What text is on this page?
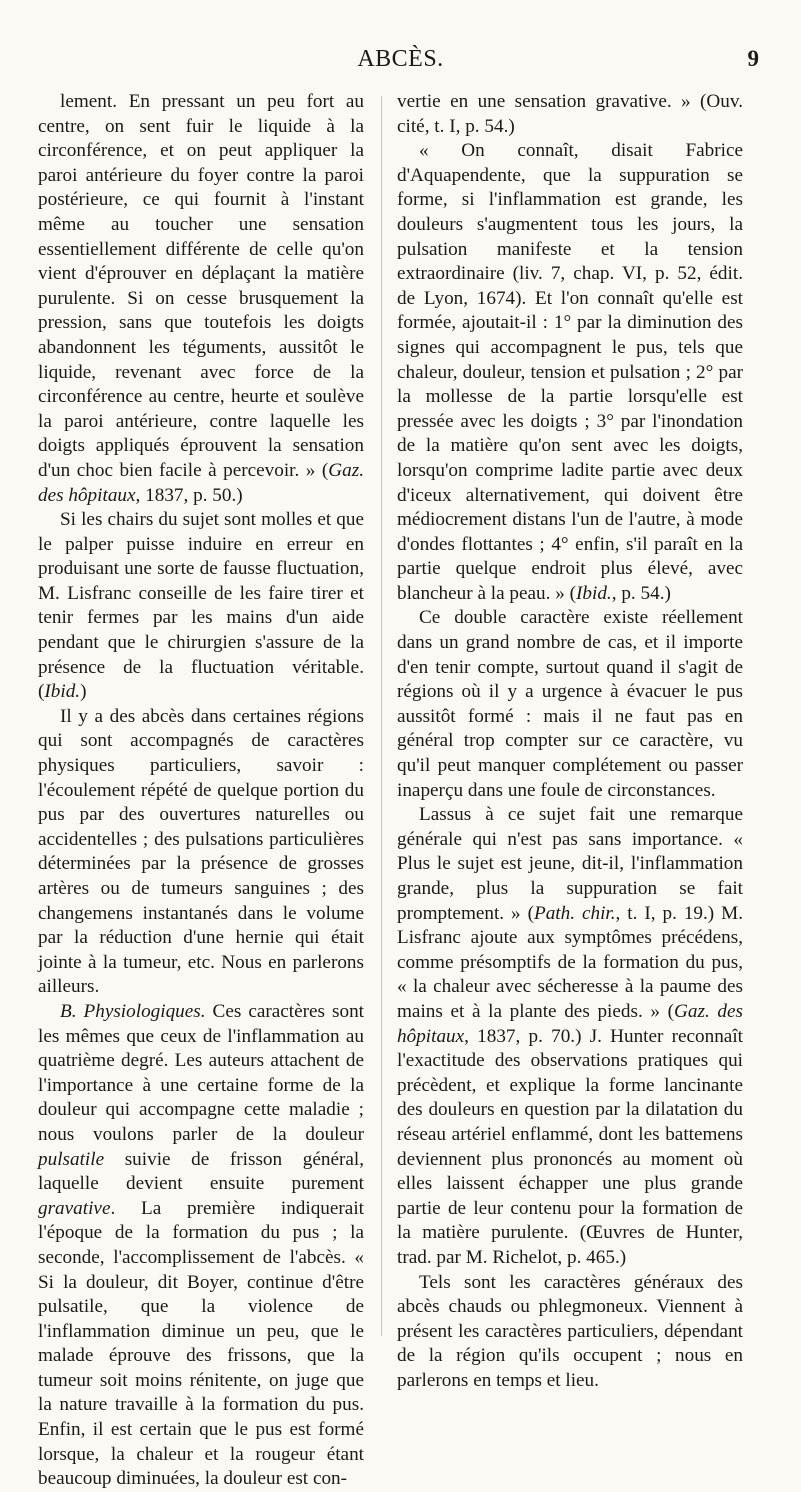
ABCÈS.	9

lement. En pressant un peu fort au centre, on sent fuir le liquide à la circonférence, et on peut appliquer la paroi antérieure du foyer contre la paroi postérieure, ce qui fournit à l'instant même au toucher une sensation essentiellement différente de celle qu'on vient d'éprouver en déplaçant la matière purulente. Si on cesse brusquement la pression, sans que toutefois les doigts abandonnent les téguments, aussitôt le liquide, revenant avec force de la circonférence au centre, heurte et soulève la paroi antérieure, contre laquelle les doigts appliqués éprouvent la sensation d'un choc bien facile à percevoir. » (Gaz. des hôpitaux, 1837, p. 50.)

Si les chairs du sujet sont molles et que le palper puisse induire en erreur en produisant une sorte de fausse fluctuation, M. Lisfranc conseille de les faire tirer et tenir fermes par les mains d'un aide pendant que le chirurgien s'assure de la présence de la fluctuation véritable. (Ibid.)

Il y a des abcès dans certaines régions qui sont accompagnés de caractères physiques particuliers, savoir : l'écoulement répété de quelque portion du pus par des ouvertures naturelles ou accidentelles ; des pulsations particulières déterminées par la présence de grosses artères ou de tumeurs sanguines ; des changemens instantanés dans le volume par la réduction d'une hernie qui était jointe à la tumeur, etc. Nous en parlerons ailleurs.

B. Physiologiques. Ces caractères sont les mêmes que ceux de l'inflammation au quatrième degré. Les auteurs attachent de l'importance à une certaine forme de la douleur qui accompagne cette maladie ; nous voulons parler de la douleur pulsatile suivie de frisson général, laquelle devient ensuite purement gravative. La première indiquerait l'époque de la formation du pus ; la seconde, l'accomplissement de l'abcès. « Si la douleur, dit Boyer, continue d'être pulsatile, que la violence de l'inflammation diminue un peu, que le malade éprouve des frissons, que la tumeur soit moins rénitente, on juge que la nature travaille à la formation du pus. Enfin, il est certain que le pus est formé lorsque, la chaleur et la rougeur étant beaucoup diminuées, la douleur est con-

vertie en une sensation gravative. » (Ouv. cité, t. I, p. 54.)

« On connaît, disait Fabrice d'Aquapendente, que la suppuration se forme, si l'inflammation est grande, les douleurs s'augmentent tous les jours, la pulsation manifeste et la tension extraordinaire (liv. 7, chap. VI, p. 52, édit. de Lyon, 1674). Et l'on connaît qu'elle est formée, ajoutait-il : 1° par la diminution des signes qui accompagnent le pus, tels que chaleur, douleur, tension et pulsation ; 2° par la mollesse de la partie lorsqu'elle est pressée avec les doigts ; 3° par l'inondation de la matière qu'on sent avec les doigts, lorsqu'on comprime ladite partie avec deux d'iceux alternativement, qui doivent être médiocrement distans l'un de l'autre, à mode d'ondes flottantes ; 4° enfin, s'il paraît en la partie quelque endroit plus élevé, avec blancheur à la peau. » (Ibid., p. 54.)

Ce double caractère existe réellement dans un grand nombre de cas, et il importe d'en tenir compte, surtout quand il s'agit de régions où il y a urgence à évacuer le pus aussitôt formé : mais il ne faut pas en général trop compter sur ce caractère, vu qu'il peut manquer complétement ou passer inaperçu dans une foule de circonstances.

Lassus à ce sujet fait une remarque générale qui n'est pas sans importance. « Plus le sujet est jeune, dit-il, l'inflammation grande, plus la suppuration se fait promptement. » (Path. chir., t. I, p. 19.) M. Lisfranc ajoute aux symptômes précédens, comme présomptifs de la formation du pus, « la chaleur avec sécheresse à la paume des mains et à la plante des pieds. » (Gaz. des hôpitaux, 1837, p. 70.) J. Hunter reconnaît l'exactitude des observations pratiques qui précèdent, et explique la forme lancinante des douleurs en question par la dilatation du réseau artériel enflammé, dont les battemens deviennent plus prononcés au moment où elles laissent échapper une plus grande partie de leur contenu pour la formation de la matière purulente. (Œuvres de Hunter, trad. par M. Richelot, p. 465.)

Tels sont les caractères généraux des abcès chauds ou phlegmoneux. Viennent à présent les caractères particuliers, dépendant de la région qu'ils occupent ; nous en parlerons en temps et lieu.
